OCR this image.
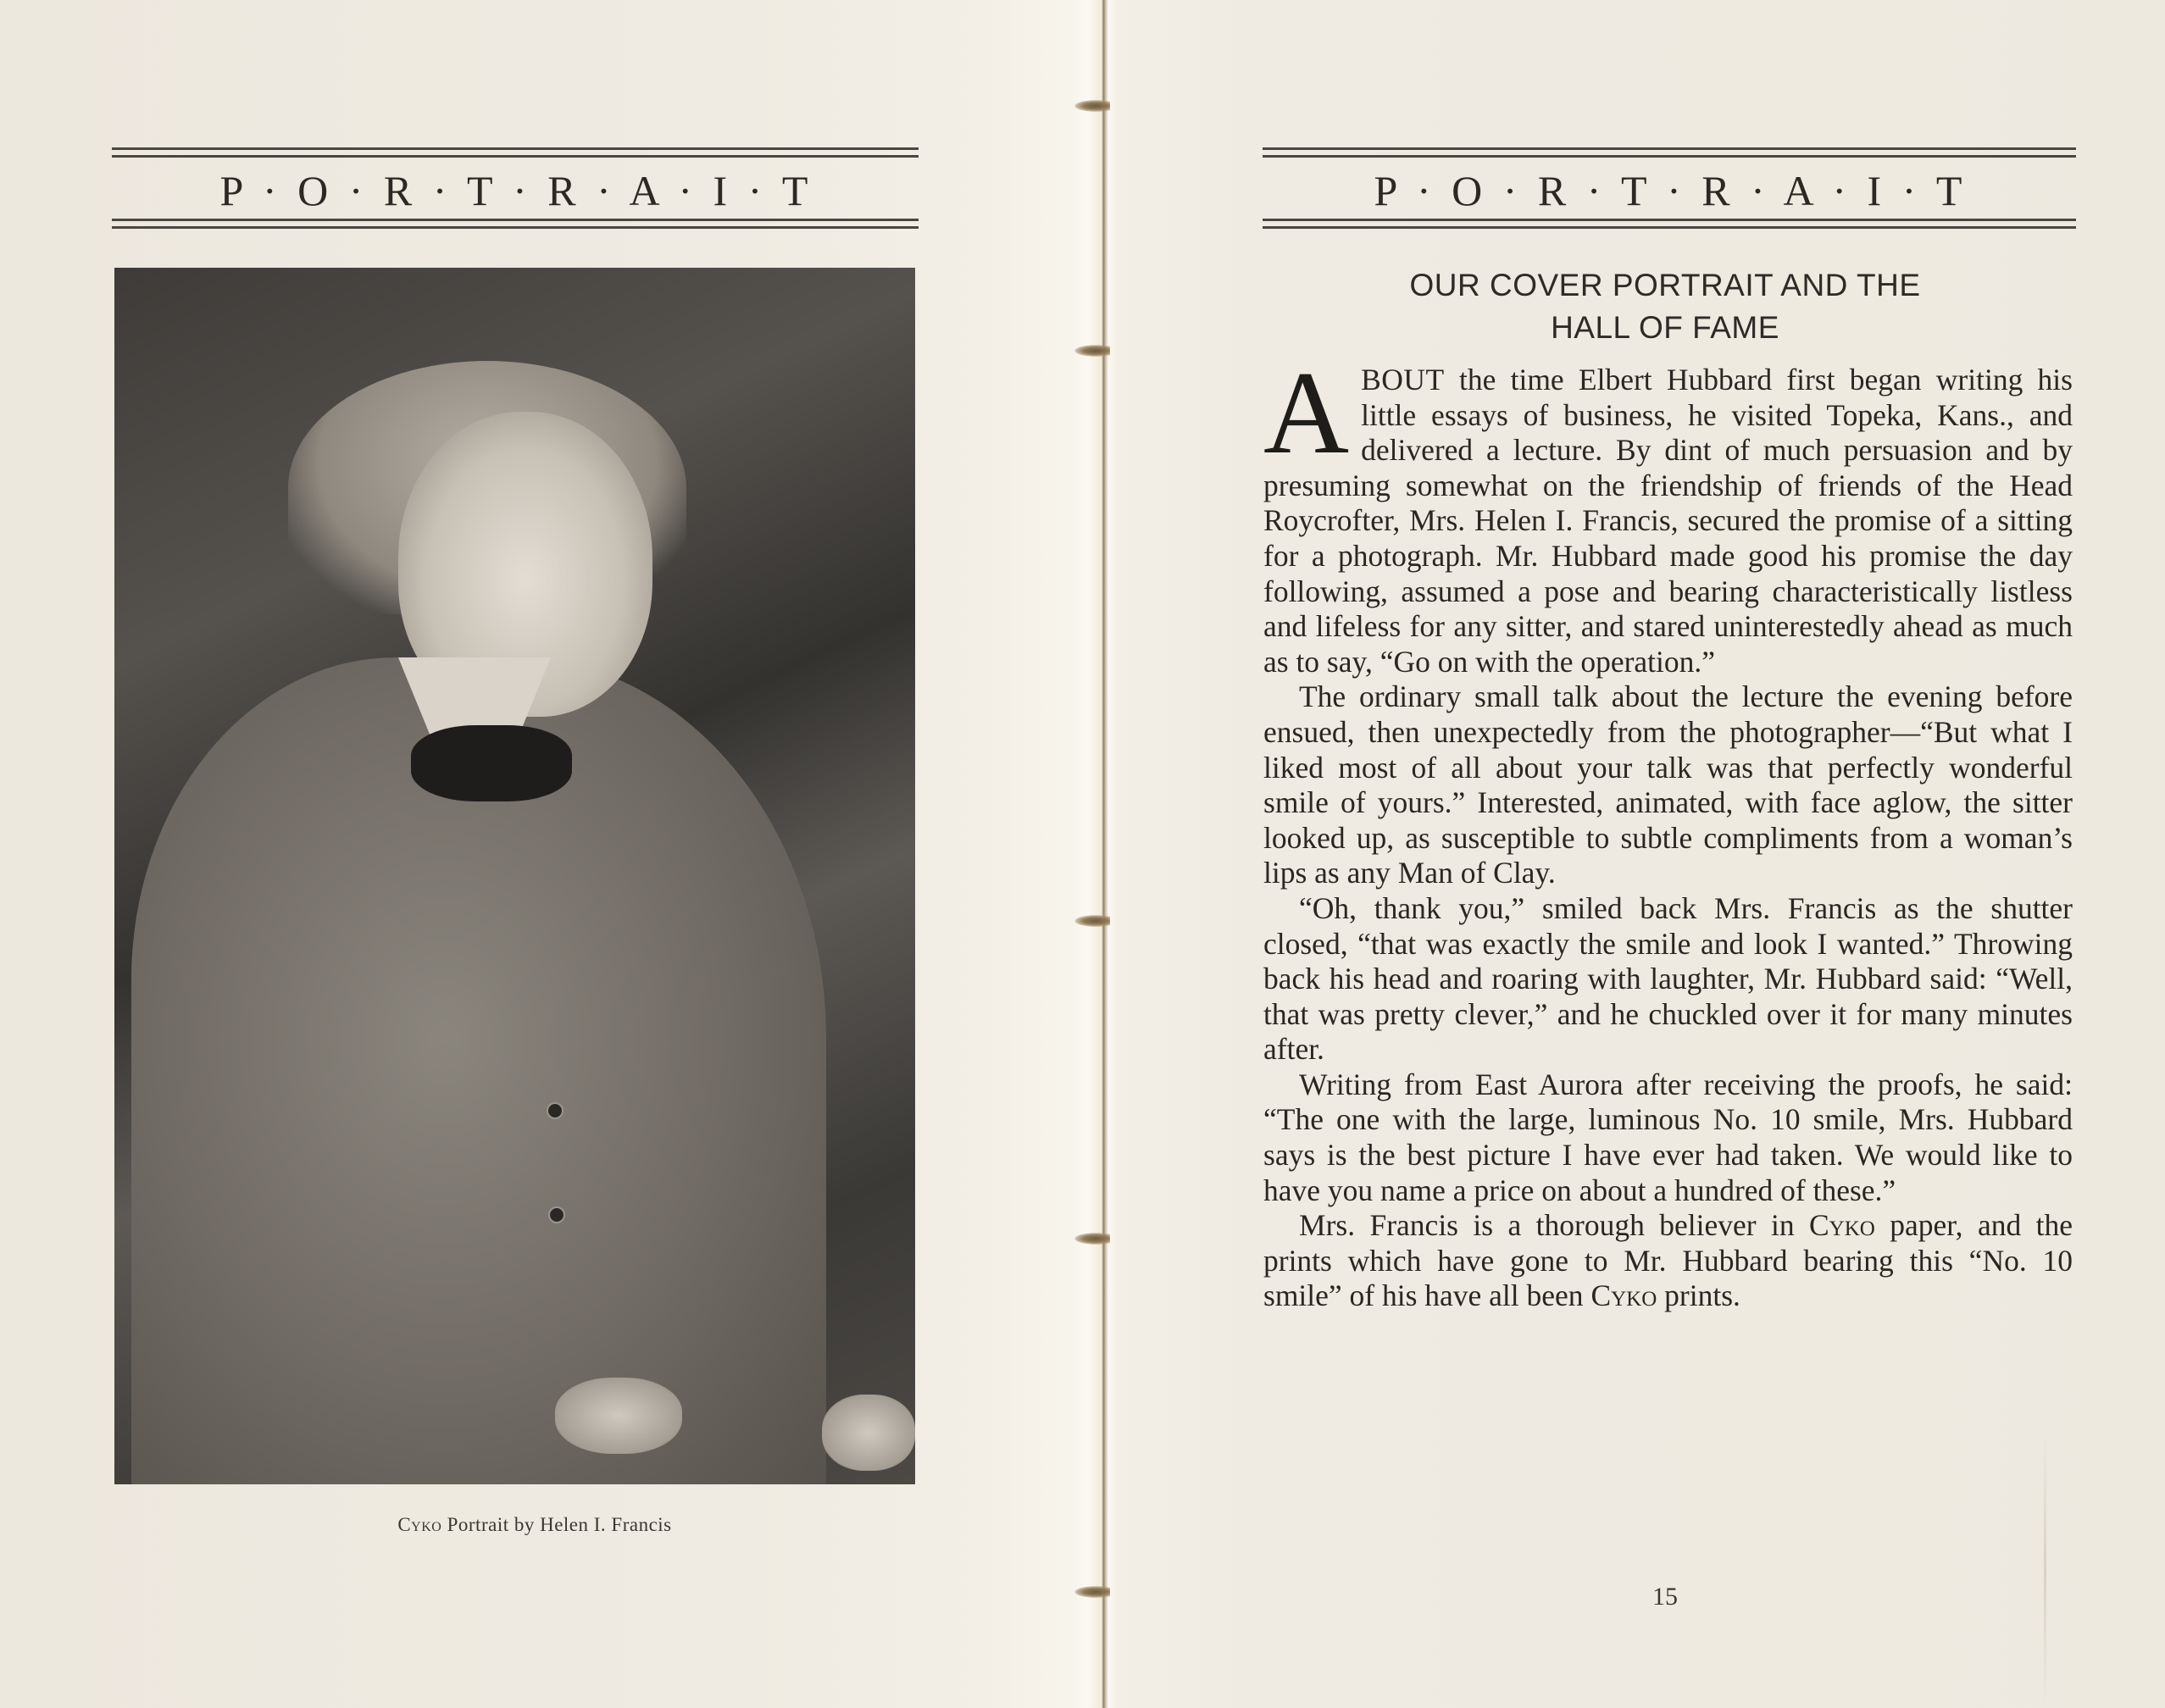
P · O · R · T · R · A · I · T
Cyko Portrait by Helen I. Francis
P · O · R · T · R · A · I · T
OUR COVER PORTRAIT AND THE
HALL OF FAME

ABOUT the time Elbert Hubbard first began writing his little essays of business, he visited Topeka, Kans., and delivered a lecture. By dint of much persuasion and by presuming somewhat on the friendship of friends of the Head Roycrofter, Mrs. Helen I. Francis, secured the promise of a sitting for a photograph. Mr. Hubbard made good his promise the day following, assumed a pose and bearing characteristically listless and lifeless for any sitter, and stared uninterestedly ahead as much as to say, “Go on with the operation.”

The ordinary small talk about the lecture the evening before ensued, then unexpectedly from the photographer—“But what I liked most of all about your talk was that perfectly wonderful smile of yours.” Interested, animated, with face aglow, the sitter looked up, as susceptible to subtle compliments from a woman’s lips as any Man of Clay.

“Oh, thank you,” smiled back Mrs. Francis as the shutter closed, “that was exactly the smile and look I wanted.” Throwing back his head and roaring with laughter, Mr. Hubbard said: “Well, that was pretty clever,” and he chuckled over it for many minutes after.

Writing from East Aurora after receiving the proofs, he said: “The one with the large, luminous No. 10 smile, Mrs. Hubbard says is the best picture I have ever had taken. We would like to have you name a price on about a hundred of these.”

Mrs. Francis is a thorough believer in Cyko paper, and the prints which have gone to Mr. Hubbard bearing this “No. 10 smile” of his have all been Cyko prints.

15
